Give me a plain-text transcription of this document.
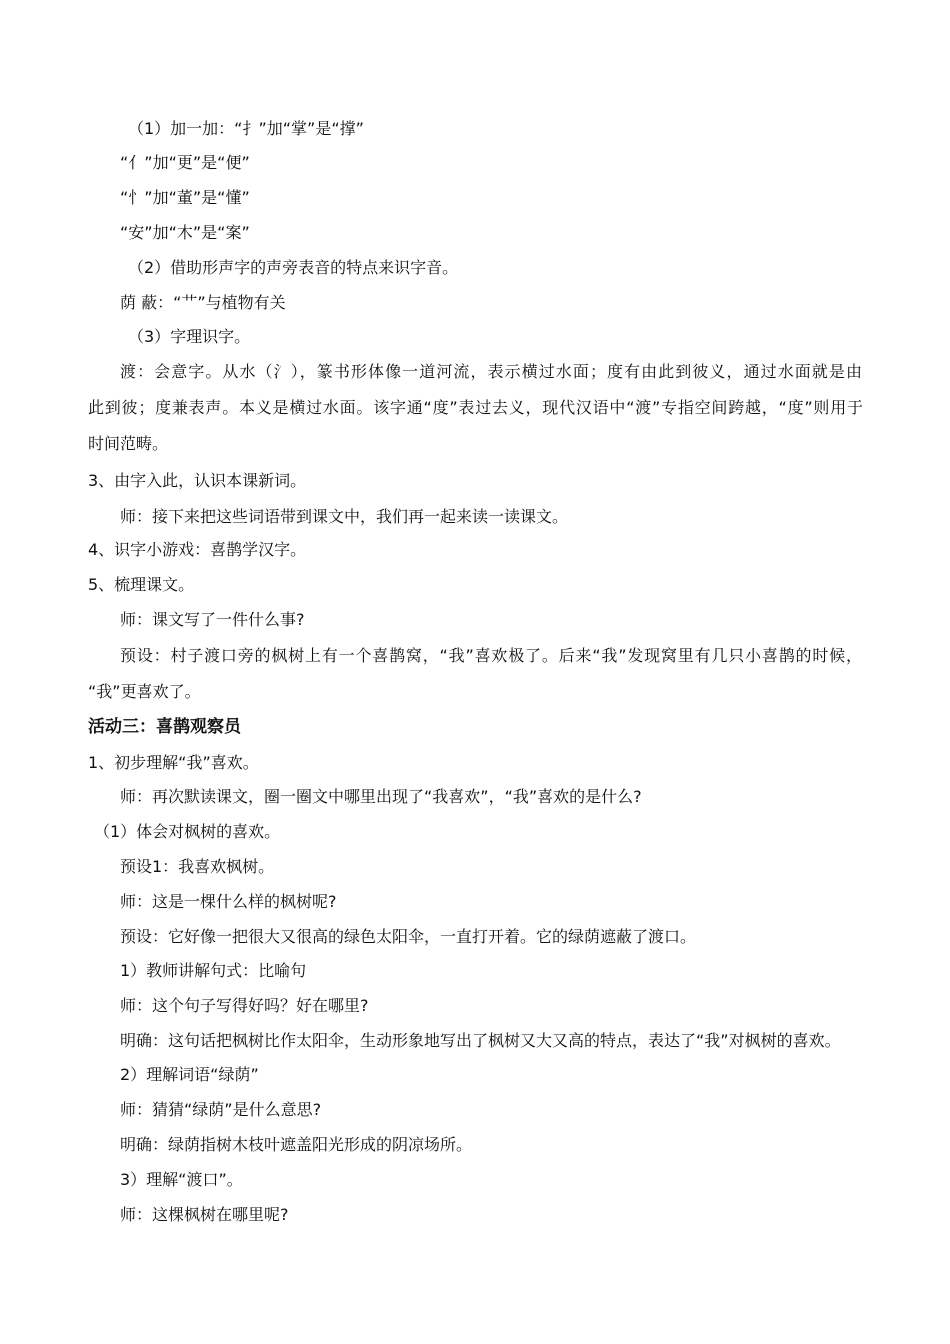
（1）加一加：“扌”加“掌”是“撑”
“亻”加“更”是“便”
“忄”加“董”是“懂”
“安”加“木”是“案”
（2）借助形声字的声旁表音的特点来识字音。
荫 蔽：“艹”与植物有关
（3）字理识字。
渡：会意字。从水（氵），篆书形体像一道河流，表示横过水面；度有由此到彼义，通过水面就是由
此到彼；度兼表声。本义是横过水面。该字通“度”表过去义，现代汉语中“渡”专指空间跨越，“度”则用于
时间范畴。
3、由字入此，认识本课新词。
师：接下来把这些词语带到课文中，我们再一起来读一读课文。
4、识字小游戏：喜鹊学汉字。
5、梳理课文。
师：课文写了一件什么事?
预设：村子渡口旁的枫树上有一个喜鹊窝，“我”喜欢极了。后来“我”发现窝里有几只小喜鹊的时候，
“我”更喜欢了。
活动三：喜鹊观察员
1、初步理解“我”喜欢。
师：再次默读课文，圈一圈文中哪里出现了“我喜欢”，“我”喜欢的是什么?
（1）体会对枫树的喜欢。
预设1：我喜欢枫树。
师：这是一棵什么样的枫树呢?
预设：它好像一把很大又很高的绿色太阳伞，一直打开着。它的绿荫遮蔽了渡口。
1）教师讲解句式：比喻句
师：这个句子写得好吗？好在哪里?
明确：这句话把枫树比作太阳伞，生动形象地写出了枫树又大又高的特点，表达了“我”对枫树的喜欢。
2）理解词语“绿荫”
师：猜猜“绿荫”是什么意思?
明确：绿荫指树木枝叶遮盖阳光形成的阴凉场所。
3）理解“渡口”。
师：这棵枫树在哪里呢?
